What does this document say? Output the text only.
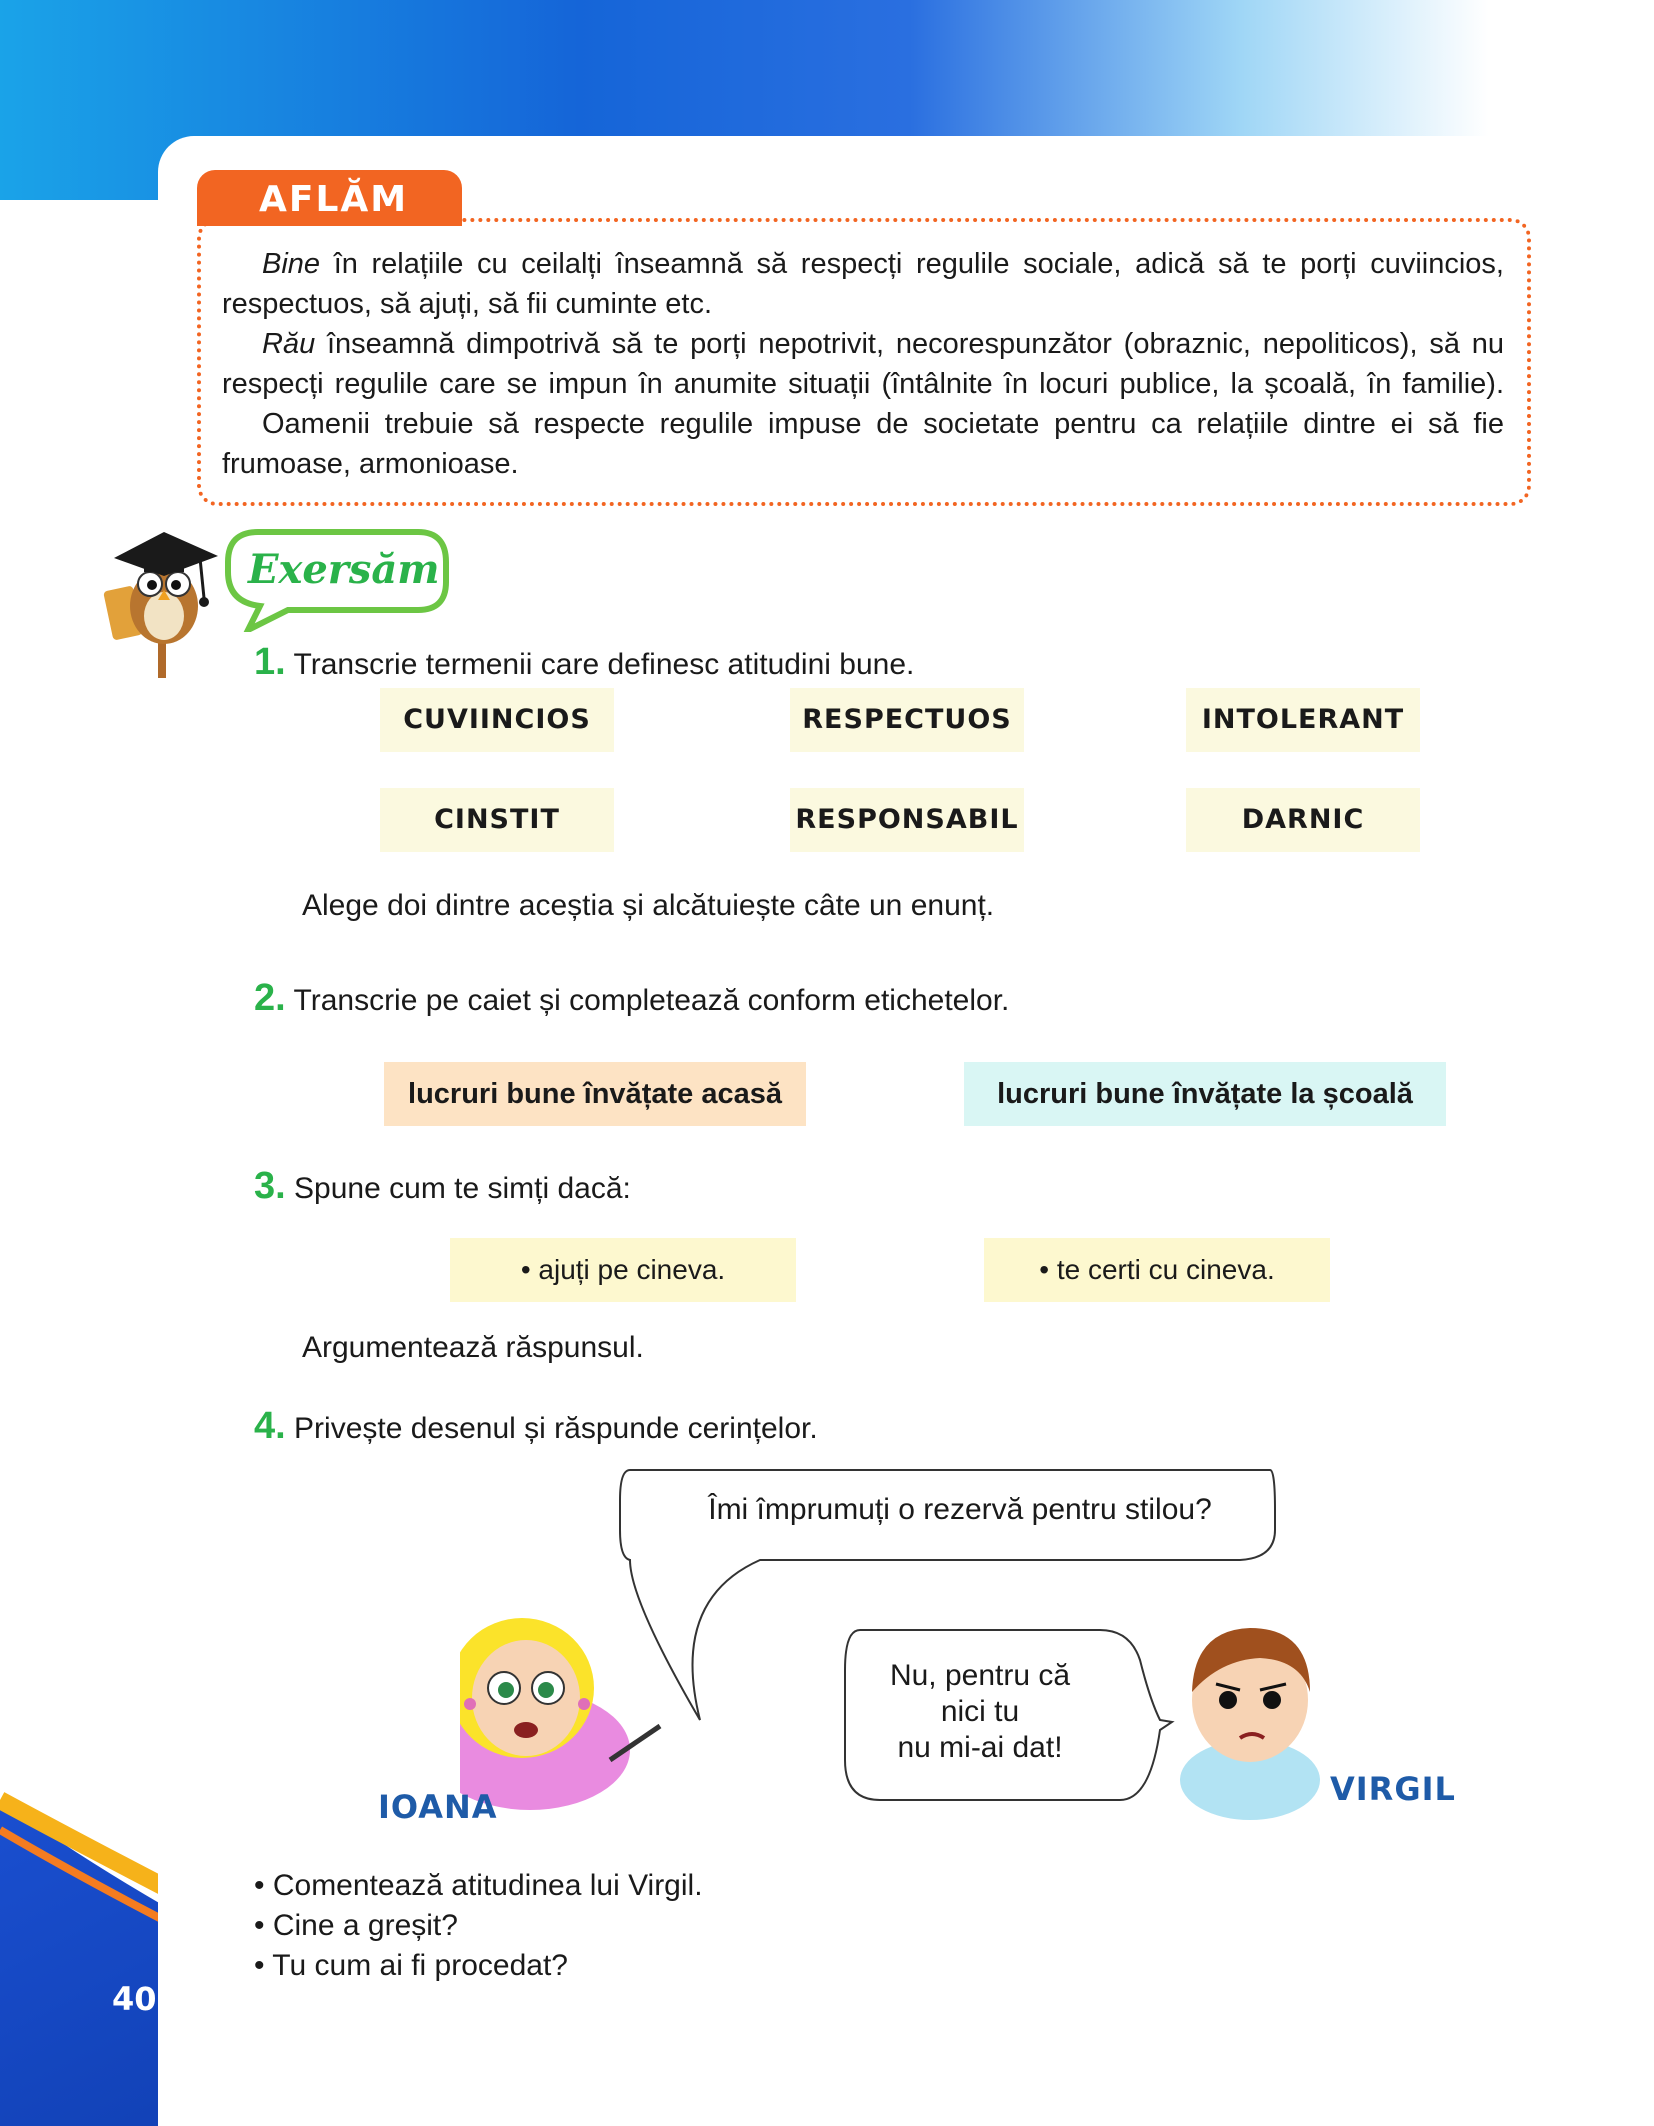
AFLĂM
Bine în relațiile cu ceilalți înseamnă să respecți regulile sociale, adică să te porți cuviincios,
respectuos, să ajuți, să fii cuminte etc.
Rău înseamnă dimpotrivă să te porți nepotrivit, necorespunzător (obraznic, nepoliticos), să nu
respecți regulile care se impun în anumite situații (întâlnite în locuri publice, la școală, în familie).
Oamenii trebuie să respecte regulile impuse de societate pentru ca relațiile dintre ei să fie
frumoase, armonioase.
Exersăm
1. Transcrie termenii care definesc atitudini bune.
CUVIINCIOS	RESPECTUOS	INTOLERANT
CINSTIT	RESPONSABIL	DARNIC
Alege doi dintre aceștia și alcătuiește câte un enunț.
2. Transcrie pe caiet și completează conform etichetelor.
lucruri bune învățate acasă	lucruri bune învățate la școală
3. Spune cum te simți dacă:
• ajuți pe cineva.	• te certi cu cineva.
Argumentează răspunsul.
4. Privește desenul și răspunde cerințelor.
Îmi împrumuți o rezervă pentru stilou?
Nu, pentru că
nici tu
nu mi-ai dat!
IOANA	VIRGIL
• Comentează atitudinea lui Virgil.
• Cine a greșit?
• Tu cum ai fi procedat?
40
